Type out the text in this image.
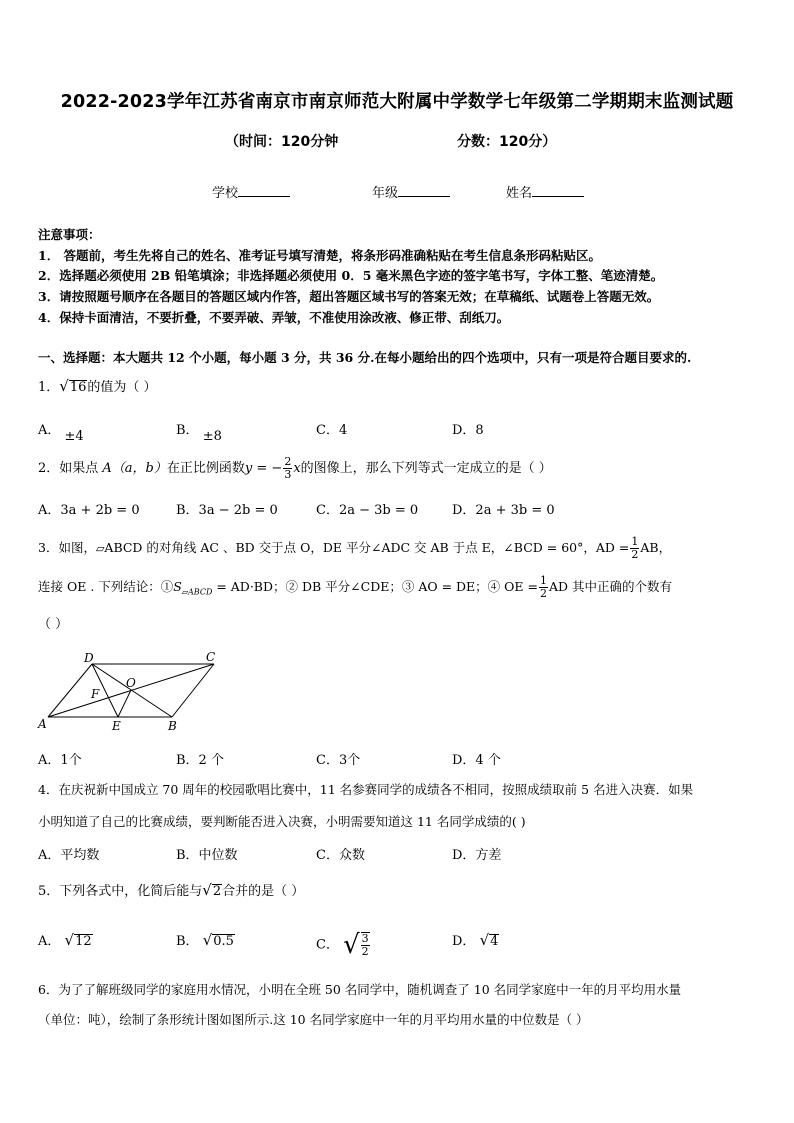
2022-2023学年江苏省南京市南京师范大附属中学数学七年级第二学期期末监测试题
（时间：120分钟	分数：120分）
学校	年级	姓名
注意事项：
1． 答题前，考生先将自己的姓名、准考证号填写清楚，将条形码准确粘贴在考生信息条形码粘贴区。
2．选择题必须使用 2B 铅笔填涂；非选择题必须使用 0．5 毫米黑色字迹的签字笔书写，字体工整、笔迹清楚。
3．请按照题号顺序在各题目的答题区域内作答，超出答题区域书写的答案无效；在草稿纸、试题卷上答题无效。
4．保持卡面清洁，不要折叠，不要弄破、弄皱，不准使用涂改液、修正带、刮纸刀。
一、选择题：本大题共 12 个小题，每小题 3 分，共 36 分.在每小题给出的四个选项中，只有一项是符合题目要求的.
1．√16的值为（ ）
A． ±4	B． ±8	C．4	D．8
2．如果点 A（a，b）在正比例函数y = − $\frac{2}{3}$ x的图像上，那么下列等式一定成立的是（ ）
A．3a + 2b = 0	B．3a − 2b = 0	C．2a − 3b = 0	D．2a + 3b = 0
3．如图，▱ABCD 的对角线 AC 、BD 交于点 O，DE 平分∠ADC 交 AB 于点 E，∠BCD = 60°，AD = $\frac{1}{2}$ AB，
连接 OE . 下列结论：$①S_{▱ABCD} = AD\cdot BD$；② DB 平分∠CDE；③ AO = DE；④ OE = $\frac{1}{2}$ AD 其中正确的个数有
（ ）
D	C
O
F
A	E	B
A．1个	B．2 个	C．3个	D．4 个
4．在庆祝新中国成立 70 周年的校园歌唱比赛中，11 名参赛同学的成绩各不相同，按照成绩取前 5 名进入决赛．如果
小明知道了自己的比赛成绩，要判断能否进入决赛，小明需要知道这 11 名同学成绩的( )
A．平均数	B．中位数	C．众数	D．方差
5．下列各式中，化简后能与√2合并的是（ ）
A． √12	B． √0.5	C． √ $\frac{3}{2}$	D． √4
6．为了了解班级同学的家庭用水情况，小明在全班 50 名同学中，随机调查了 10 名同学家庭中一年的月平均用水量
（单位：吨），绘制了条形统计图如图所示.这 10 名同学家庭中一年的月平均用水量的中位数是（ ）
